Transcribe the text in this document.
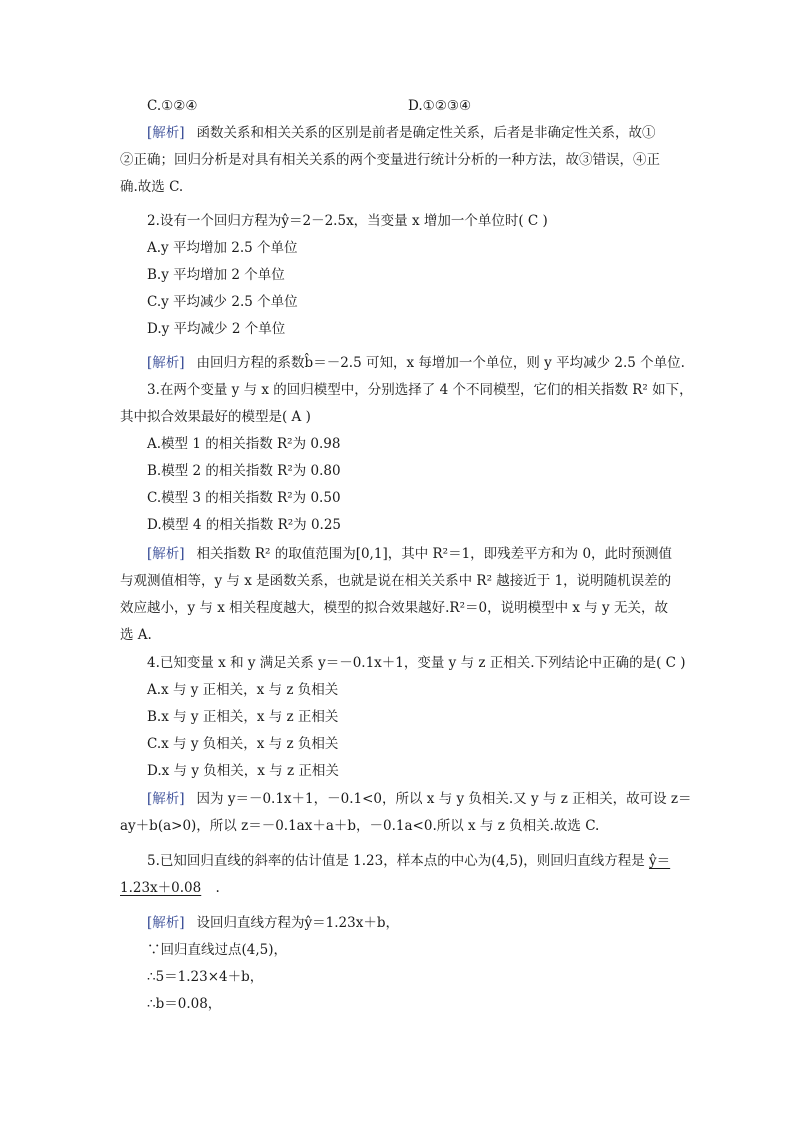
C.①②④	D.①②③④
[解析] 函数关系和相关关系的区别是前者是确定性关系，后者是非确定性关系，故①
②正确；回归分析是对具有相关关系的两个变量进行统计分析的一种方法，故③错误，④正
确.故选 C.
2.设有一个回归方程为ŷ＝2－2.5x，当变量 x 增加一个单位时( C )
A.y 平均增加 2.5 个单位
B.y 平均增加 2 个单位
C.y 平均减少 2.5 个单位
D.y 平均减少 2 个单位
[解析] 由回归方程的系数b̂＝－2.5 可知，x 每增加一个单位，则 y 平均减少 2.5 个单位.
3.在两个变量 y 与 x 的回归模型中，分别选择了 4 个不同模型，它们的相关指数 R² 如下，
其中拟合效果最好的模型是( A )
A.模型 1 的相关指数 R²为 0.98
B.模型 2 的相关指数 R²为 0.80
C.模型 3 的相关指数 R²为 0.50
D.模型 4 的相关指数 R²为 0.25
[解析] 相关指数 R² 的取值范围为[0,1]，其中 R²＝1，即残差平方和为 0，此时预测值
与观测值相等，y 与 x 是函数关系，也就是说在相关关系中 R² 越接近于 1，说明随机误差的
效应越小，y 与 x 相关程度越大，模型的拟合效果越好.R²＝0，说明模型中 x 与 y 无关，故
选 A.
4.已知变量 x 和 y 满足关系 y＝－0.1x＋1，变量 y 与 z 正相关.下列结论中正确的是( C )
A.x 与 y 正相关，x 与 z 负相关
B.x 与 y 正相关，x 与 z 正相关
C.x 与 y 负相关，x 与 z 负相关
D.x 与 y 负相关，x 与 z 正相关
[解析] 因为 y＝－0.1x＋1，－0.1<0，所以 x 与 y 负相关.又 y 与 z 正相关，故可设 z＝
ay＋b(a>0)，所以 z＝－0.1ax＋a＋b，－0.1a<0.所以 x 与 z 负相关.故选 C.
5.已知回归直线的斜率的估计值是 1.23，样本点的中心为(4,5)，则回归直线方程是 ŷ＝
1.23x＋0.08 .
[解析] 设回归直线方程为ŷ＝1.23x＋b，
∵回归直线过点(4,5)，
∴5＝1.23×4＋b，
∴b＝0.08，
